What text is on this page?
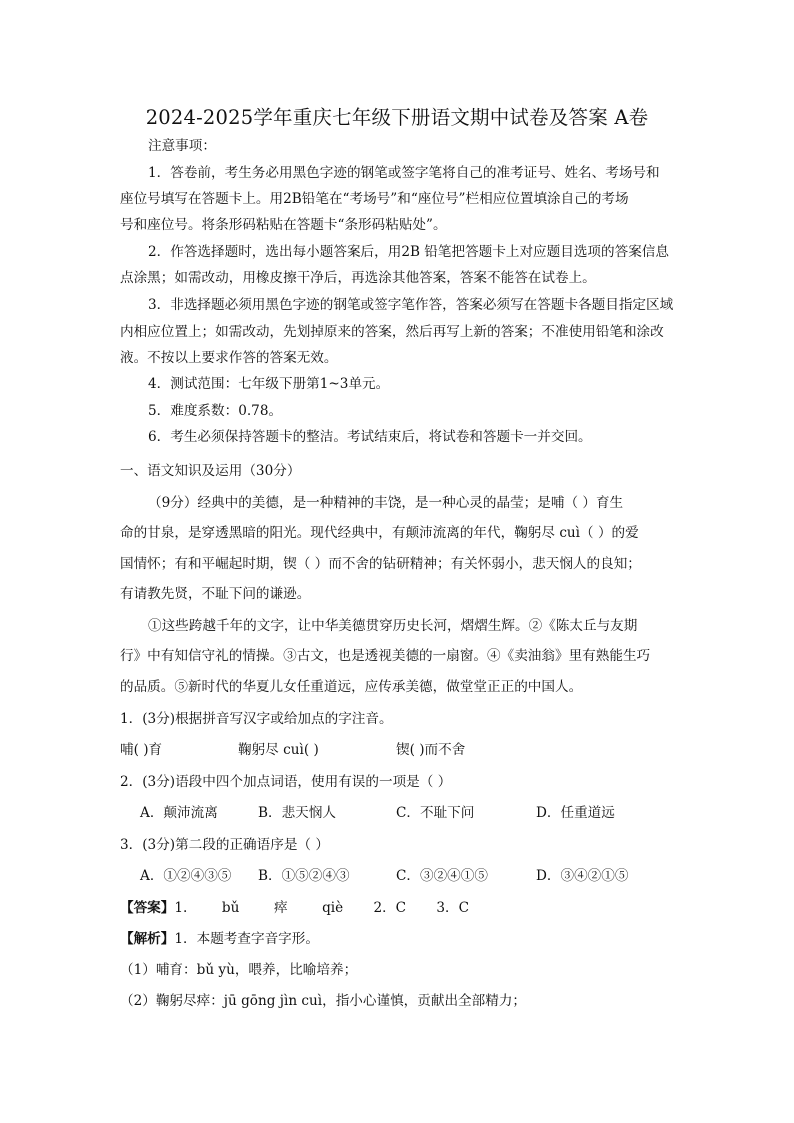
2024-2025学年重庆七年级下册语文期中试卷及答案 A卷
注意事项：
1．答卷前，考生务必用黑色字迹的钢笔或签字笔将自己的准考证号、姓名、考场号和
座位号填写在答题卡上。用2B铅笔在“考场号”和“座位号”栏相应位置填涂自己的考场
号和座位号。将条形码粘贴在答题卡“条形码粘贴处”。
2．作答选择题时，选出每小题答案后，用2B 铅笔把答题卡上对应题目选项的答案信息
点涂黑；如需改动，用橡皮擦干净后，再选涂其他答案，答案不能答在试卷上。
3．非选择题必须用黑色字迹的钢笔或签字笔作答，答案必须写在答题卡各题目指定区域
内相应位置上；如需改动，先划掉原来的答案，然后再写上新的答案；不准使用铅笔和涂改
液。不按以上要求作答的答案无效。
4．测试范围：七年级下册第1~3单元。
5．难度系数：0.78。
6．考生必须保持答题卡的整洁。考试结束后，将试卷和答题卡一并交回。
一、语文知识及运用（30分）
（9分）经典中的美德，是一种精神的丰饶，是一种心灵的晶莹；是哺（ ）育生
命的甘泉，是穿透黑暗的阳光。现代经典中，有颠沛流离的年代，鞠躬尽 cuì（ ）的爱
国情怀；有和平崛起时期，锲（ ）而不舍的钻研精神；有关怀弱小，悲天悯人的良知；
有请教先贤，不耻下问的谦逊。
①这些跨越千年的文字，让中华美德贯穿历史长河，熠熠生辉。②《陈太丘与友期
行》中有知信守礼的情操。③古文，也是透视美德的一扇窗。④《卖油翁》里有熟能生巧
的品质。⑤新时代的华夏儿女任重道远，应传承美德，做堂堂正正的中国人。
1．(3分)根据拼音写汉字或给加点的字注音。
哺( )育	鞠躬尽 cuì( )	锲( )而不舍
2．(3分)语段中四个加点词语，使用有误的一项是（ ）
A．颠沛流离	B．悲天悯人	C．不耻下问	D．任重道远
3．(3分)第二段的正确语序是（ ）
A．①②④③⑤ B．①⑤②④③	C．③②④①⑤	D．③④②①⑤
【答案】1.        bǔ        瘁        qiè       2．C       3．C
【解析】1．本题考查字音字形。
（1）哺育：bǔ yù，喂养，比喻培养；
（2）鞠躬尽瘁：jū gōng jìn cuì，指小心谨慎，贡献出全部精力；
